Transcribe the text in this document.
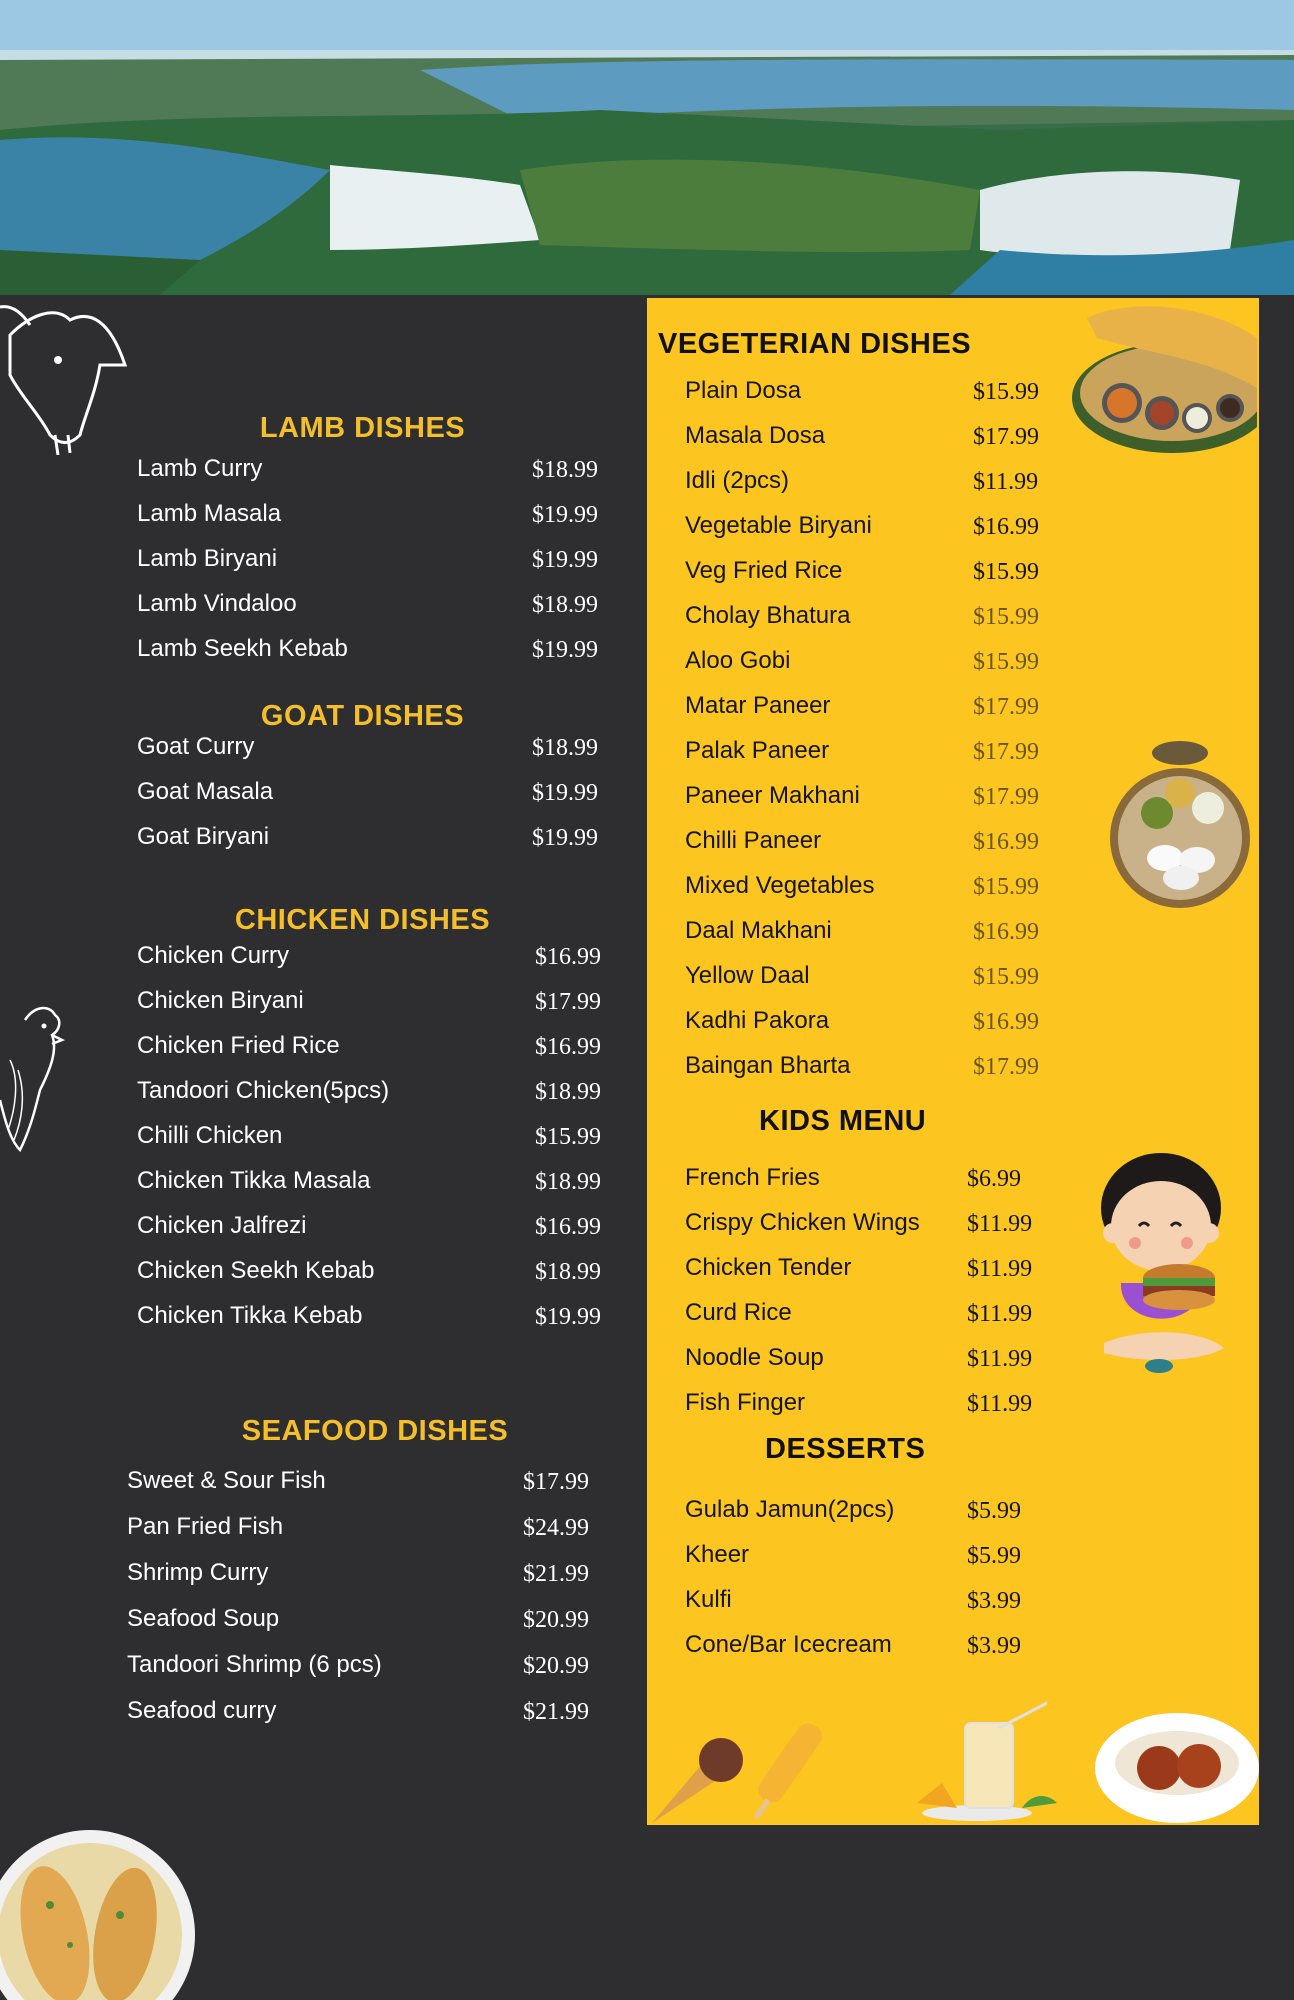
LAMB DISHES
Lamb Curry	$18.99
Lamb Masala	$19.99
Lamb Biryani	$19.99
Lamb Vindaloo	$18.99
Lamb Seekh Kebab	$19.99
GOAT DISHES
Goat Curry	$18.99
Goat Masala	$19.99
Goat Biryani	$19.99
CHICKEN DISHES
Chicken Curry	$16.99
Chicken Biryani	$17.99
Chicken Fried Rice	$16.99
Tandoori Chicken(5pcs)	$18.99
Chilli Chicken	$15.99
Chicken Tikka Masala	$18.99
Chicken Jalfrezi	$16.99
Chicken Seekh Kebab	$18.99
Chicken Tikka Kebab	$19.99
SEAFOOD DISHES
Sweet & Sour Fish	$17.99
Pan Fried Fish	$24.99
Shrimp Curry	$21.99
Seafood Soup	$20.99
Tandoori Shrimp (6 pcs)	$20.99
Seafood curry	$21.99
VEGETERIAN DISHES
Plain Dosa	$15.99
Masala Dosa	$17.99
Idli (2pcs)	$11.99
Vegetable Biryani	$16.99
Veg Fried Rice	$15.99
Cholay Bhatura	$15.99
Aloo Gobi	$15.99
Matar Paneer	$17.99
Palak Paneer	$17.99
Paneer Makhani	$17.99
Chilli Paneer	$16.99
Mixed Vegetables	$15.99
Daal Makhani	$16.99
Yellow Daal	$15.99
Kadhi Pakora	$16.99
Baingan Bharta	$17.99
KIDS MENU
French Fries	$6.99
Crispy Chicken Wings $11.99
Chicken Tender	$11.99
Curd Rice	$11.99
Noodle Soup	$11.99
Fish Finger	$11.99
DESSERTS
Gulab Jamun(2pcs)	$5.99
Kheer	$5.99
Kulfi	$3.99
Cone/Bar Icecream	$3.99
